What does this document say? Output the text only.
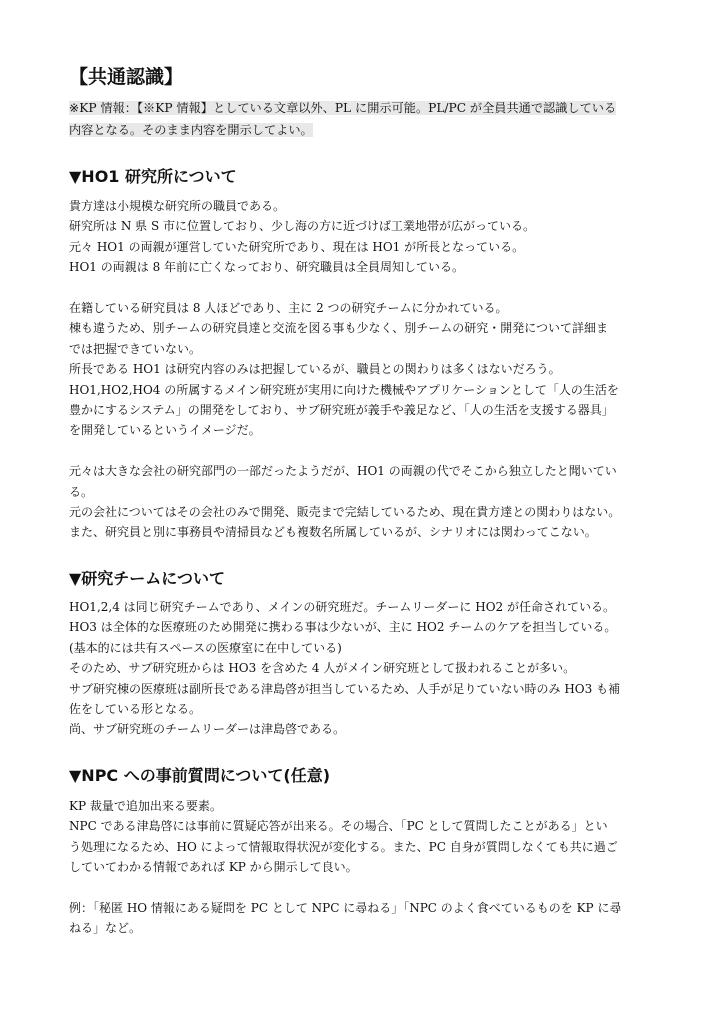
【共通認識】
※KP 情報：【※KP 情報】としている文章以外、PL に開示可能。PL/PC が全員共通で認識している
内容となる。そのまま内容を開示してよい。
▼HO1 研究所について

貴方達は小規模な研究所の職員である。
研究所は N 県 S 市に位置しており、少し海の方に近づけば工業地帯が広がっている。
元々 HO1 の両親が運営していた研究所であり、現在は HO1 が所長となっている。
HO1 の両親は 8 年前に亡くなっており、研究職員は全員周知している。

在籍している研究員は 8 人ほどであり、主に 2 つの研究チームに分かれている。
棟も違うため、別チームの研究員達と交流を図る事も少なく、別チームの研究・開発について詳細ま
では把握できていない。
所長である HO1 は研究内容のみは把握しているが、職員との関わりは多くはないだろう。
HO1,HO2,HO4 の所属するメイン研究班が実用に向けた機械やアプリケーションとして「人の生活を
豊かにするシステム」の開発をしており、サブ研究班が義手や義足など、「人の生活を支援する器具」
を開発しているというイメージだ。

元々は大きな会社の研究部門の一部だったようだが、HO1 の両親の代でそこから独立したと聞いてい
る。
元の会社についてはその会社のみで開発、販売まで完結しているため、現在貴方達との関わりはない。
また、研究員と別に事務員や清掃員なども複数名所属しているが、シナリオには関わってこない。

▼研究チームについて

HO1,2,4 は同じ研究チームであり、メインの研究班だ。チームリーダーに HO2 が任命されている。
HO3 は全体的な医療班のため開発に携わる事は少ないが、主に HO2 チームのケアを担当している。
(基本的には共有スペースの医療室に在中している)
そのため、サブ研究班からは HO3 を含めた 4 人がメイン研究班として扱われることが多い。
サブ研究棟の医療班は副所長である津島啓が担当しているため、人手が足りていない時のみ HO3 も補
佐をしている形となる。
尚、サブ研究班のチームリーダーは津島啓である。

▼NPC への事前質問について(任意)

KP 裁量で追加出来る要素。
NPC である津島啓には事前に質疑応答が出来る。その場合、「PC として質問したことがある」とい
う処理になるため、HO によって情報取得状況が変化する。また、PC 自身が質問しなくても共に過ご
していてわかる情報であれば KP から開示して良い。

例：「秘匿 HO 情報にある疑問を PC として NPC に尋ねる」「NPC のよく食べているものを KP に尋
ねる」など。
